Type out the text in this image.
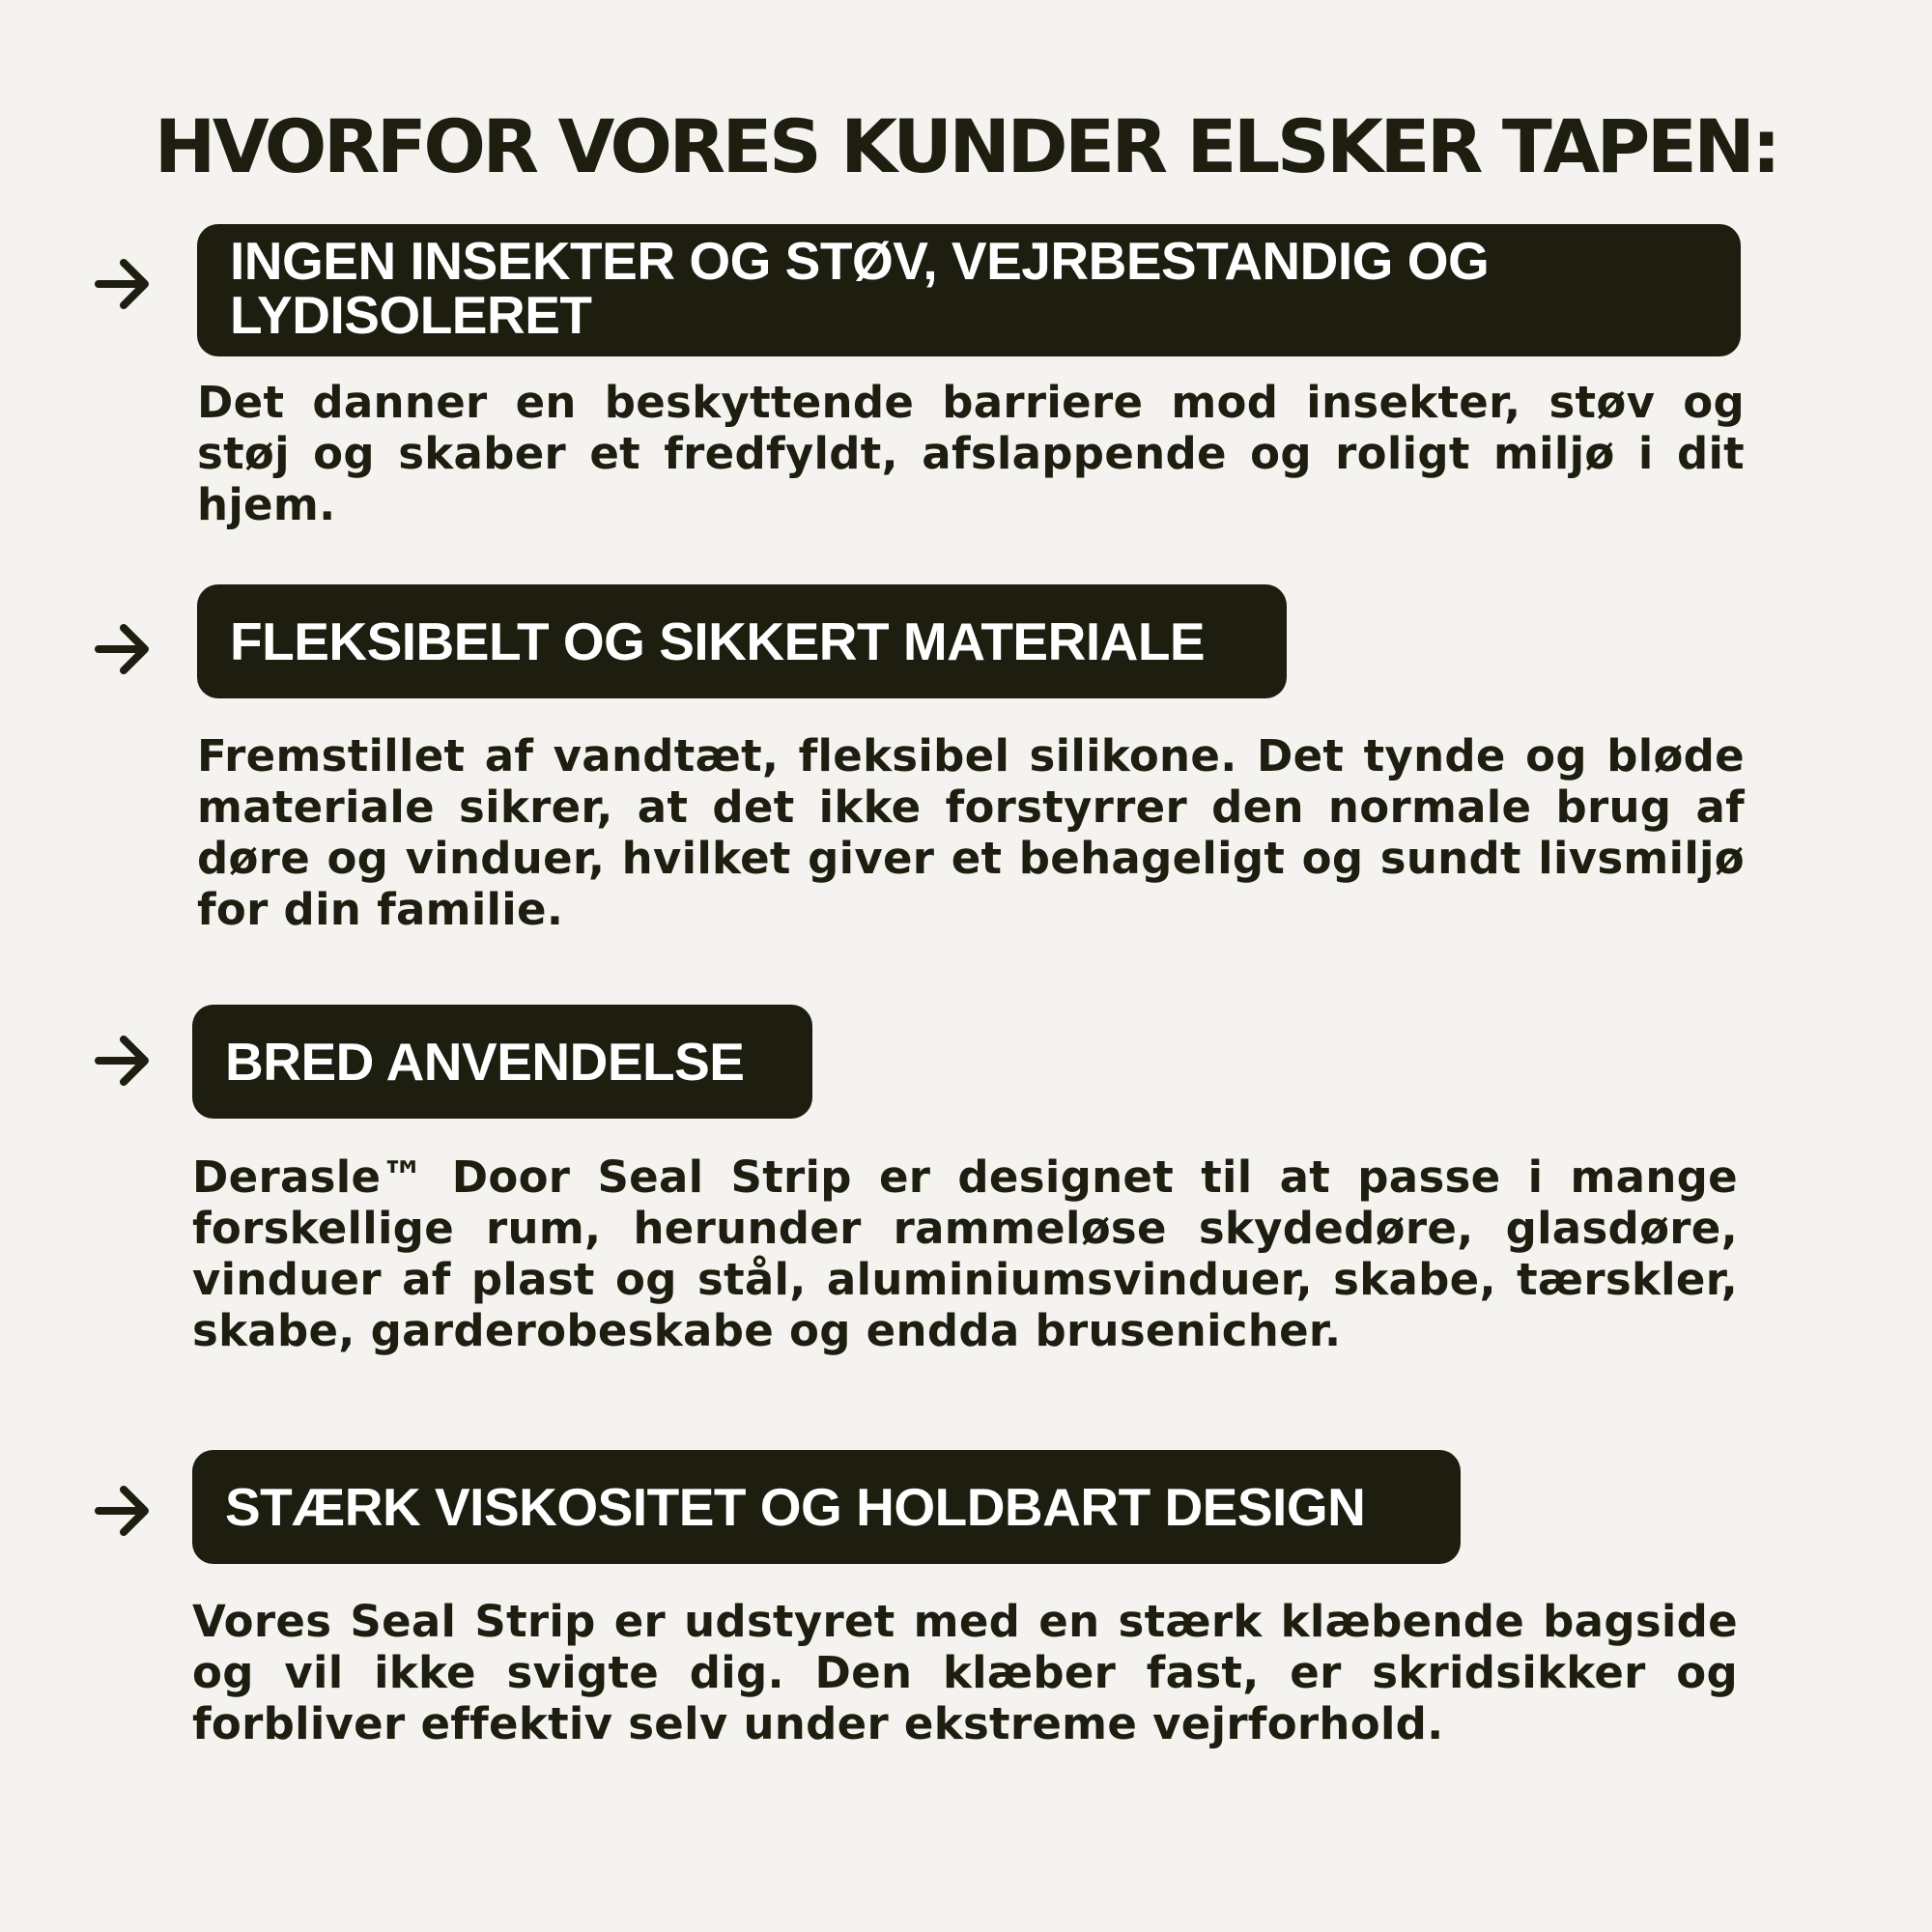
HVORFOR VORES KUNDER ELSKER TAPEN:
INGEN INSEKTER OG STØV, VEJRBESTANDIG OG LYDISOLERET
Det danner en beskyttende barriere mod insekter, støv og støj og skaber et fredfyldt, afslappende og roligt miljø i dit hjem.
FLEKSIBELT OG SIKKERT MATERIALE
Fremstillet af vandtæt, fleksibel silikone. Det tynde og bløde materiale sikrer, at det ikke forstyrrer den normale brug af døre og vinduer, hvilket giver et behageligt og sundt livsmiljø for din familie.
BRED ANVENDELSE
Derasle™ Door Seal Strip er designet til at passe i mange forskellige rum, herunder rammeløse skydedøre, glasdøre, vinduer af plast og stål, aluminiumsvinduer, skabe, tærskler, skabe, garderobeskabe og endda brusenicher.
STÆRK VISKOSITET OG HOLDBART DESIGN
Vores Seal Strip er udstyret med en stærk klæbende bagside og vil ikke svigte dig. Den klæber fast, er skridsikker og forbliver effektiv selv under ekstreme vejrforhold.
